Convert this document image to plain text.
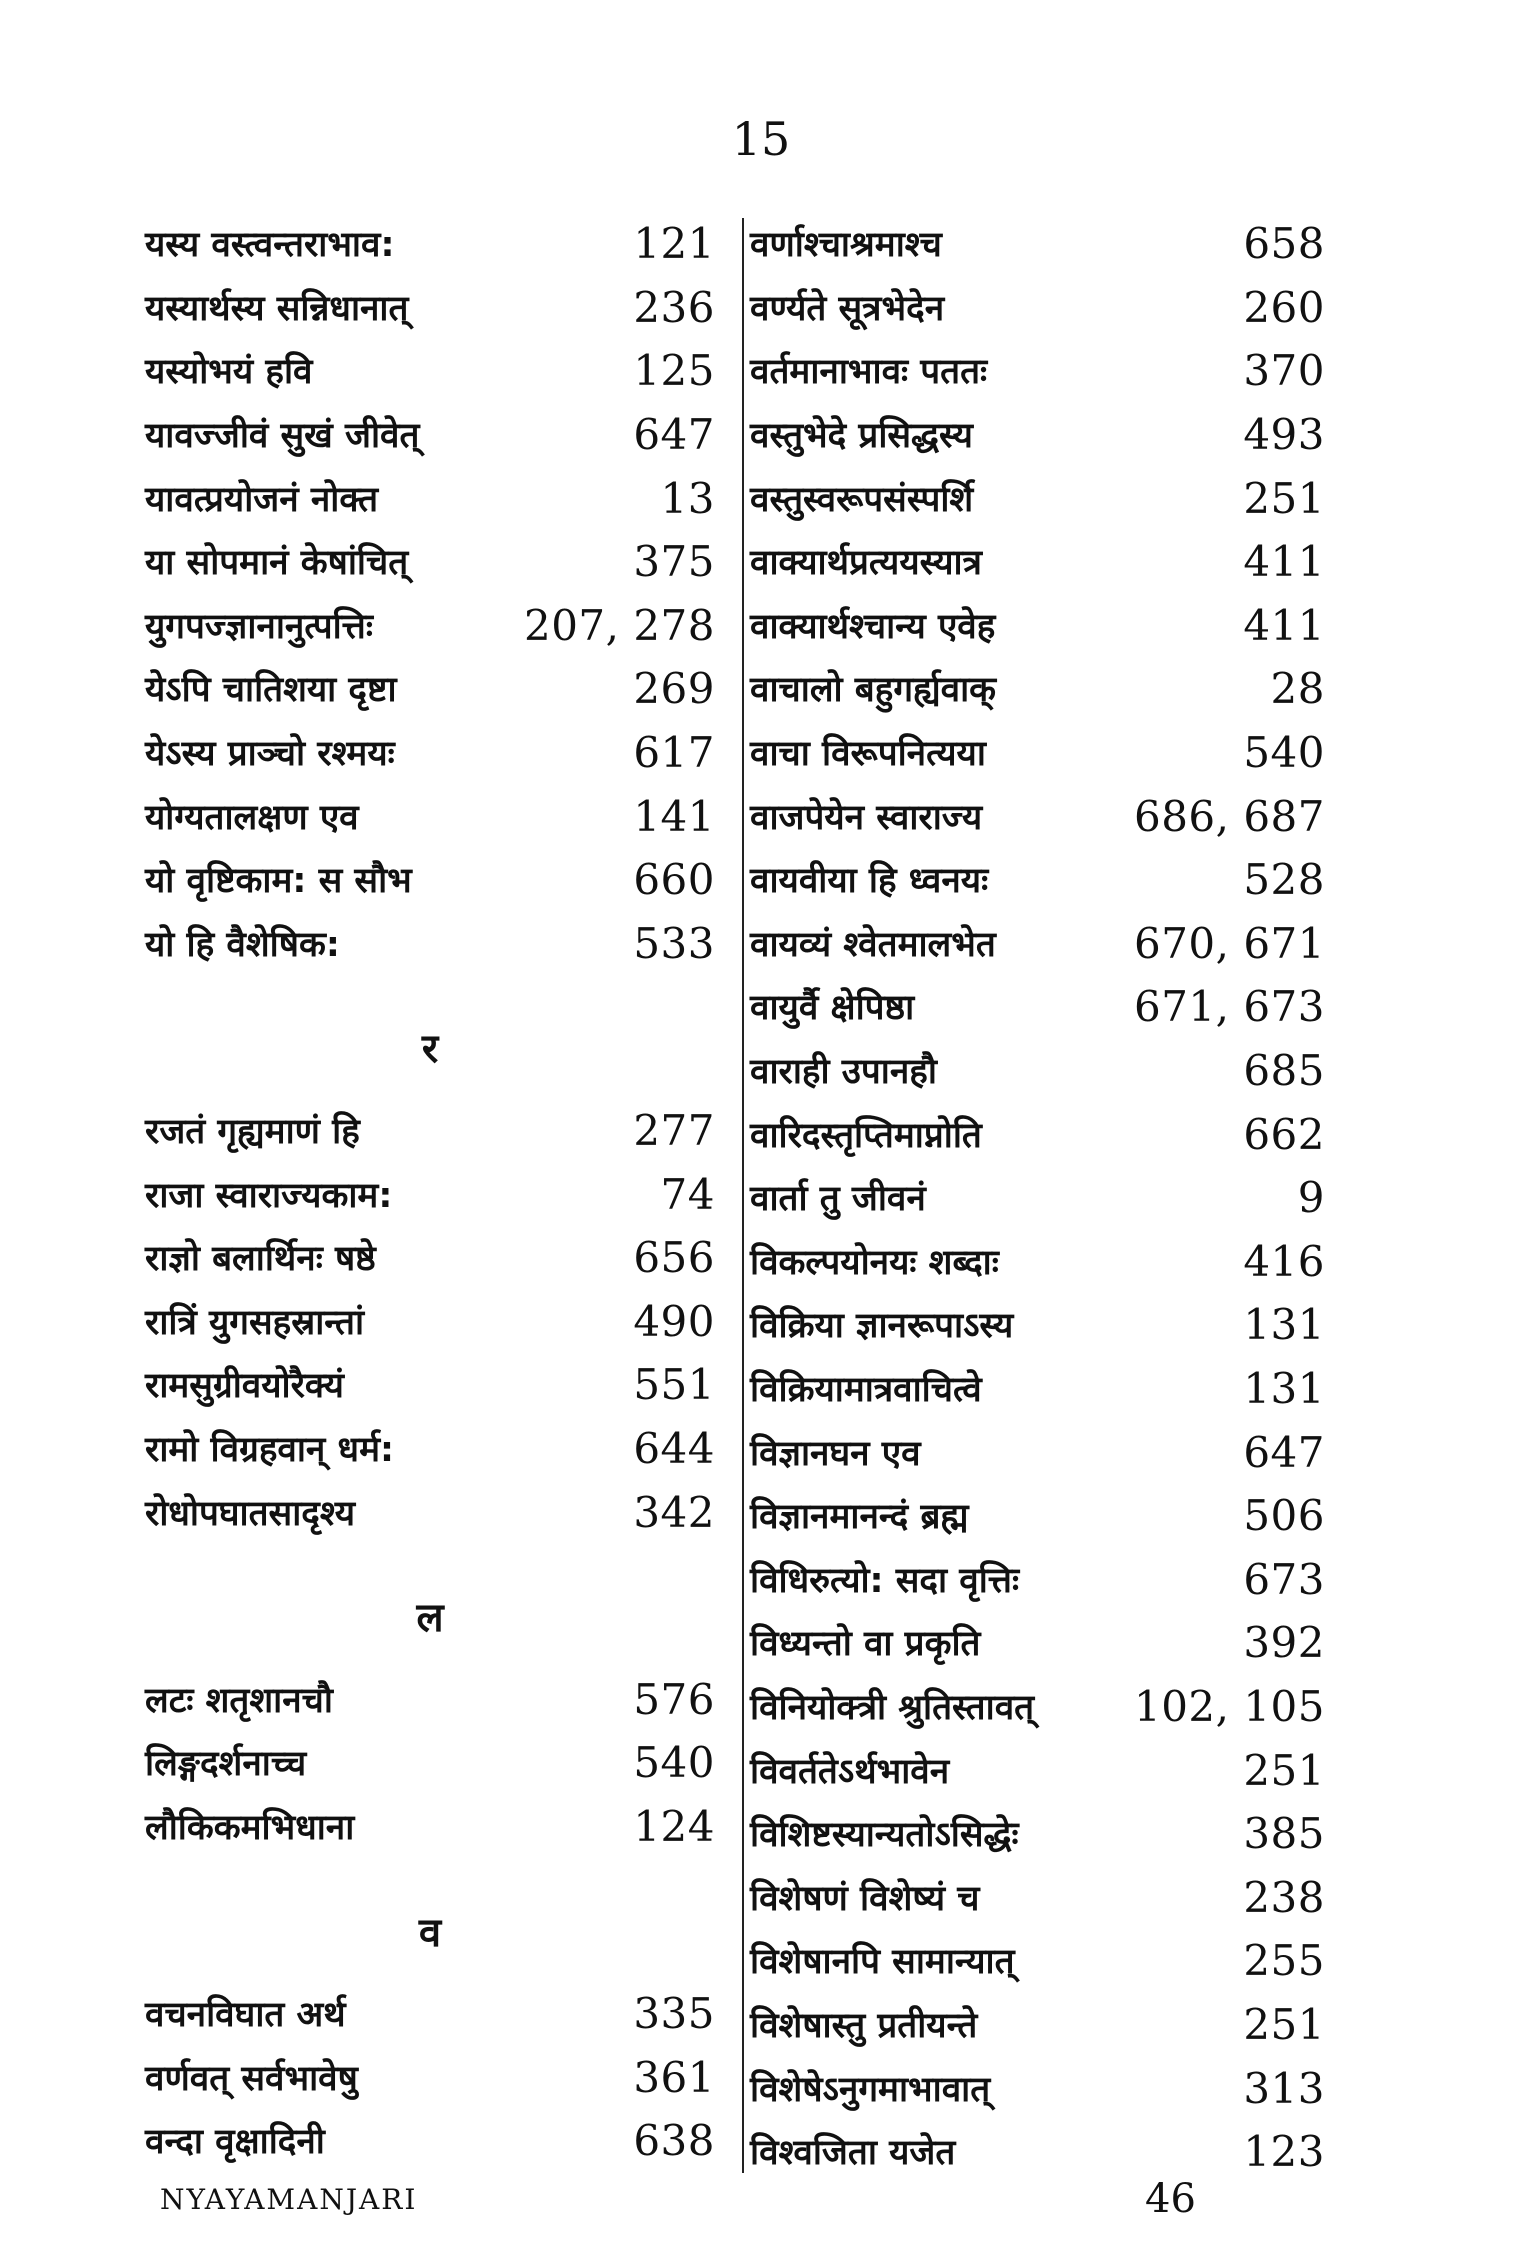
15
यस्य वस्त्वन्तराभाव:	121
यस्यार्थस्य सन्निधानात्	236
यस्योभयं हवि	125
यावज्जीवं सुखं जीवेत्	647
यावत्प्रयोजनं नोक्त	13
या सोपमानं केषांचित्	375
युगपज्ज्ञानानुत्पत्तिः	207, 278
येऽपि चातिशया दृष्टा	269
येऽस्य प्राञ्चो रश्मयः	617
योग्यतालक्षण एव	141
यो वृष्टिकाम: स सौभ	660
यो हि वैशेषिक:	533
र
रजतं गृह्यमाणं हि	277
राजा स्वाराज्यकाम:	74
राज्ञो बलार्थिनः षष्ठे	656
रात्रिं युगसहस्रान्तां	490
रामसुग्रीवयोरैक्यं	551
रामो विग्रहवान् धर्म:	644
रोधोपघातसादृश्य	342
ल
लटः शतृशानचौ	576
लिङ्गदर्शनाच्च	540
लौकिकमभिधाना	124
व
वचनविघात अर्थ	335
वर्णवत् सर्वभावेषु	361
वन्दा वृक्षादिनी	638
वर्णाश्चाश्रमाश्च	658
वर्ण्यते सूत्रभेदेन	260
वर्तमानाभावः पततः	370
वस्तुभेदे प्रसिद्धस्य	493
वस्तुस्वरूपसंस्पर्शि	251
वाक्यार्थप्रत्ययस्यात्र	411
वाक्यार्थश्चान्य एवेह	411
वाचालो बहुगर्ह्यवाक्	28
वाचा विरूपनित्यया	540
वाजपेयेन स्वाराज्य	686, 687
वायवीया हि ध्वनयः	528
वायव्यं श्वेतमालभेत	670, 671
वायुर्वै क्षेपिष्ठा	671, 673
वाराही उपानहौ	685
वारिदस्तृप्तिमाप्नोति	662
वार्ता तु जीवनं	9
विकल्पयोनयः शब्दाः	416
विक्रिया ज्ञानरूपाऽस्य	131
विक्रियामात्रवाचित्वे	131
विज्ञानघन एव	647
विज्ञानमानन्दं ब्रह्म	506
विधिरुत्यो: सदा वृत्तिः	673
विध्यन्तो वा प्रकृति	392
विनियोक्त्री श्रुतिस्तावत् 102, 105
विवर्ततेऽर्थभावेन	251
विशिष्टस्यान्यतोऽसिद्धेः	385
विशेषणं विशेष्यं च	238
विशेषानपि सामान्यात्	255
विशेषास्तु प्रतीयन्ते	251
विशेषेऽनुगमाभावात्	313
विश्वजिता यजेत	123
NYAYAMANJARI	46
